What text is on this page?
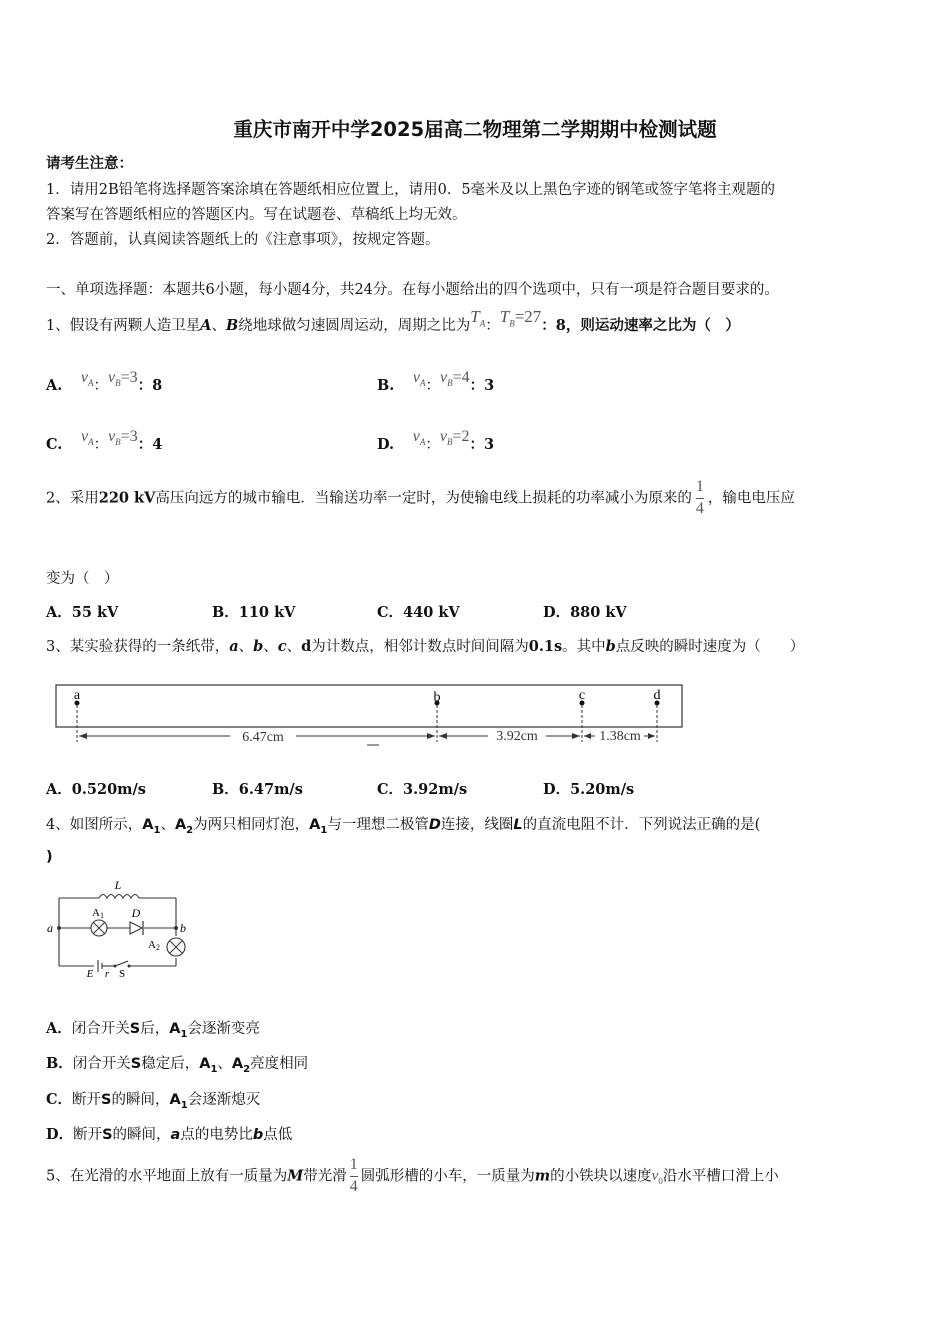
重庆市南开中学2025届高二物理第二学期期中检测试题
请考生注意：
1．请用2B铅笔将选择题答案涂填在答题纸相应位置上，请用0．5毫米及以上黑色字迹的钢笔或签字笔将主观题的
答案写在答题纸相应的答题区内。写在试题卷、草稿纸上均无效。
2．答题前，认真阅读答题纸上的《注意事项》，按规定答题。
一、单项选择题：本题共6小题，每小题4分，共24分。在每小题给出的四个选项中，只有一项是符合题目要求的。
1、假设有两颗人造卫星A、B绕地球做匀速圆周运动，周期之比为$T_A$：$T_B=27$：8，则运动速率之比为（　）
A. $v_A$：$v_B=3$：8	B. $v_A$：$v_B=4$：3
C. $v_A$：$v_B=3$：4	D. $v_A$：$v_B=2$：3
2、采用220 kV高压向远方的城市输电．当输送功率一定时，为使输电线上损耗的功率减小为原来的 $\frac{1}{4}$ ，输电电压应
变为（　）
A．55 kV	B．110 kV	C．440 kV	D．880 kV
3、某实验获得的一条纸带，a、b、c、d为计数点，相邻计数点时间间隔为0.1s。其中b点反映的瞬时速度为（　　）
a	b	c	d
6.47cm	3.92cm	1.38cm
A．0.520m/s	B．6.47m/s	C．3.92m/s	D．5.20m/s
4、如图所示，$A_1$、$A_2$为两只相同灯泡，$A_1$与一理想二极管D连接，线圈L的直流电阻不计．下列说法正确的是(
)
L
A1 D
A2
a	b
E r S
A．闭合开关S后，$A_1$会逐渐变亮
B．闭合开关S稳定后，$A_1$、$A_2$亮度相同
C．断开S的瞬间，$A_1$会逐渐熄灭
D．断开S的瞬间，a点的电势比b点低
5、在光滑的水平地面上放有一质量为M带光滑 $\frac{1}{4}$ 圆弧形槽的小车，一质量为m的小铁块以速度$v_0$沿水平槽口滑上小
